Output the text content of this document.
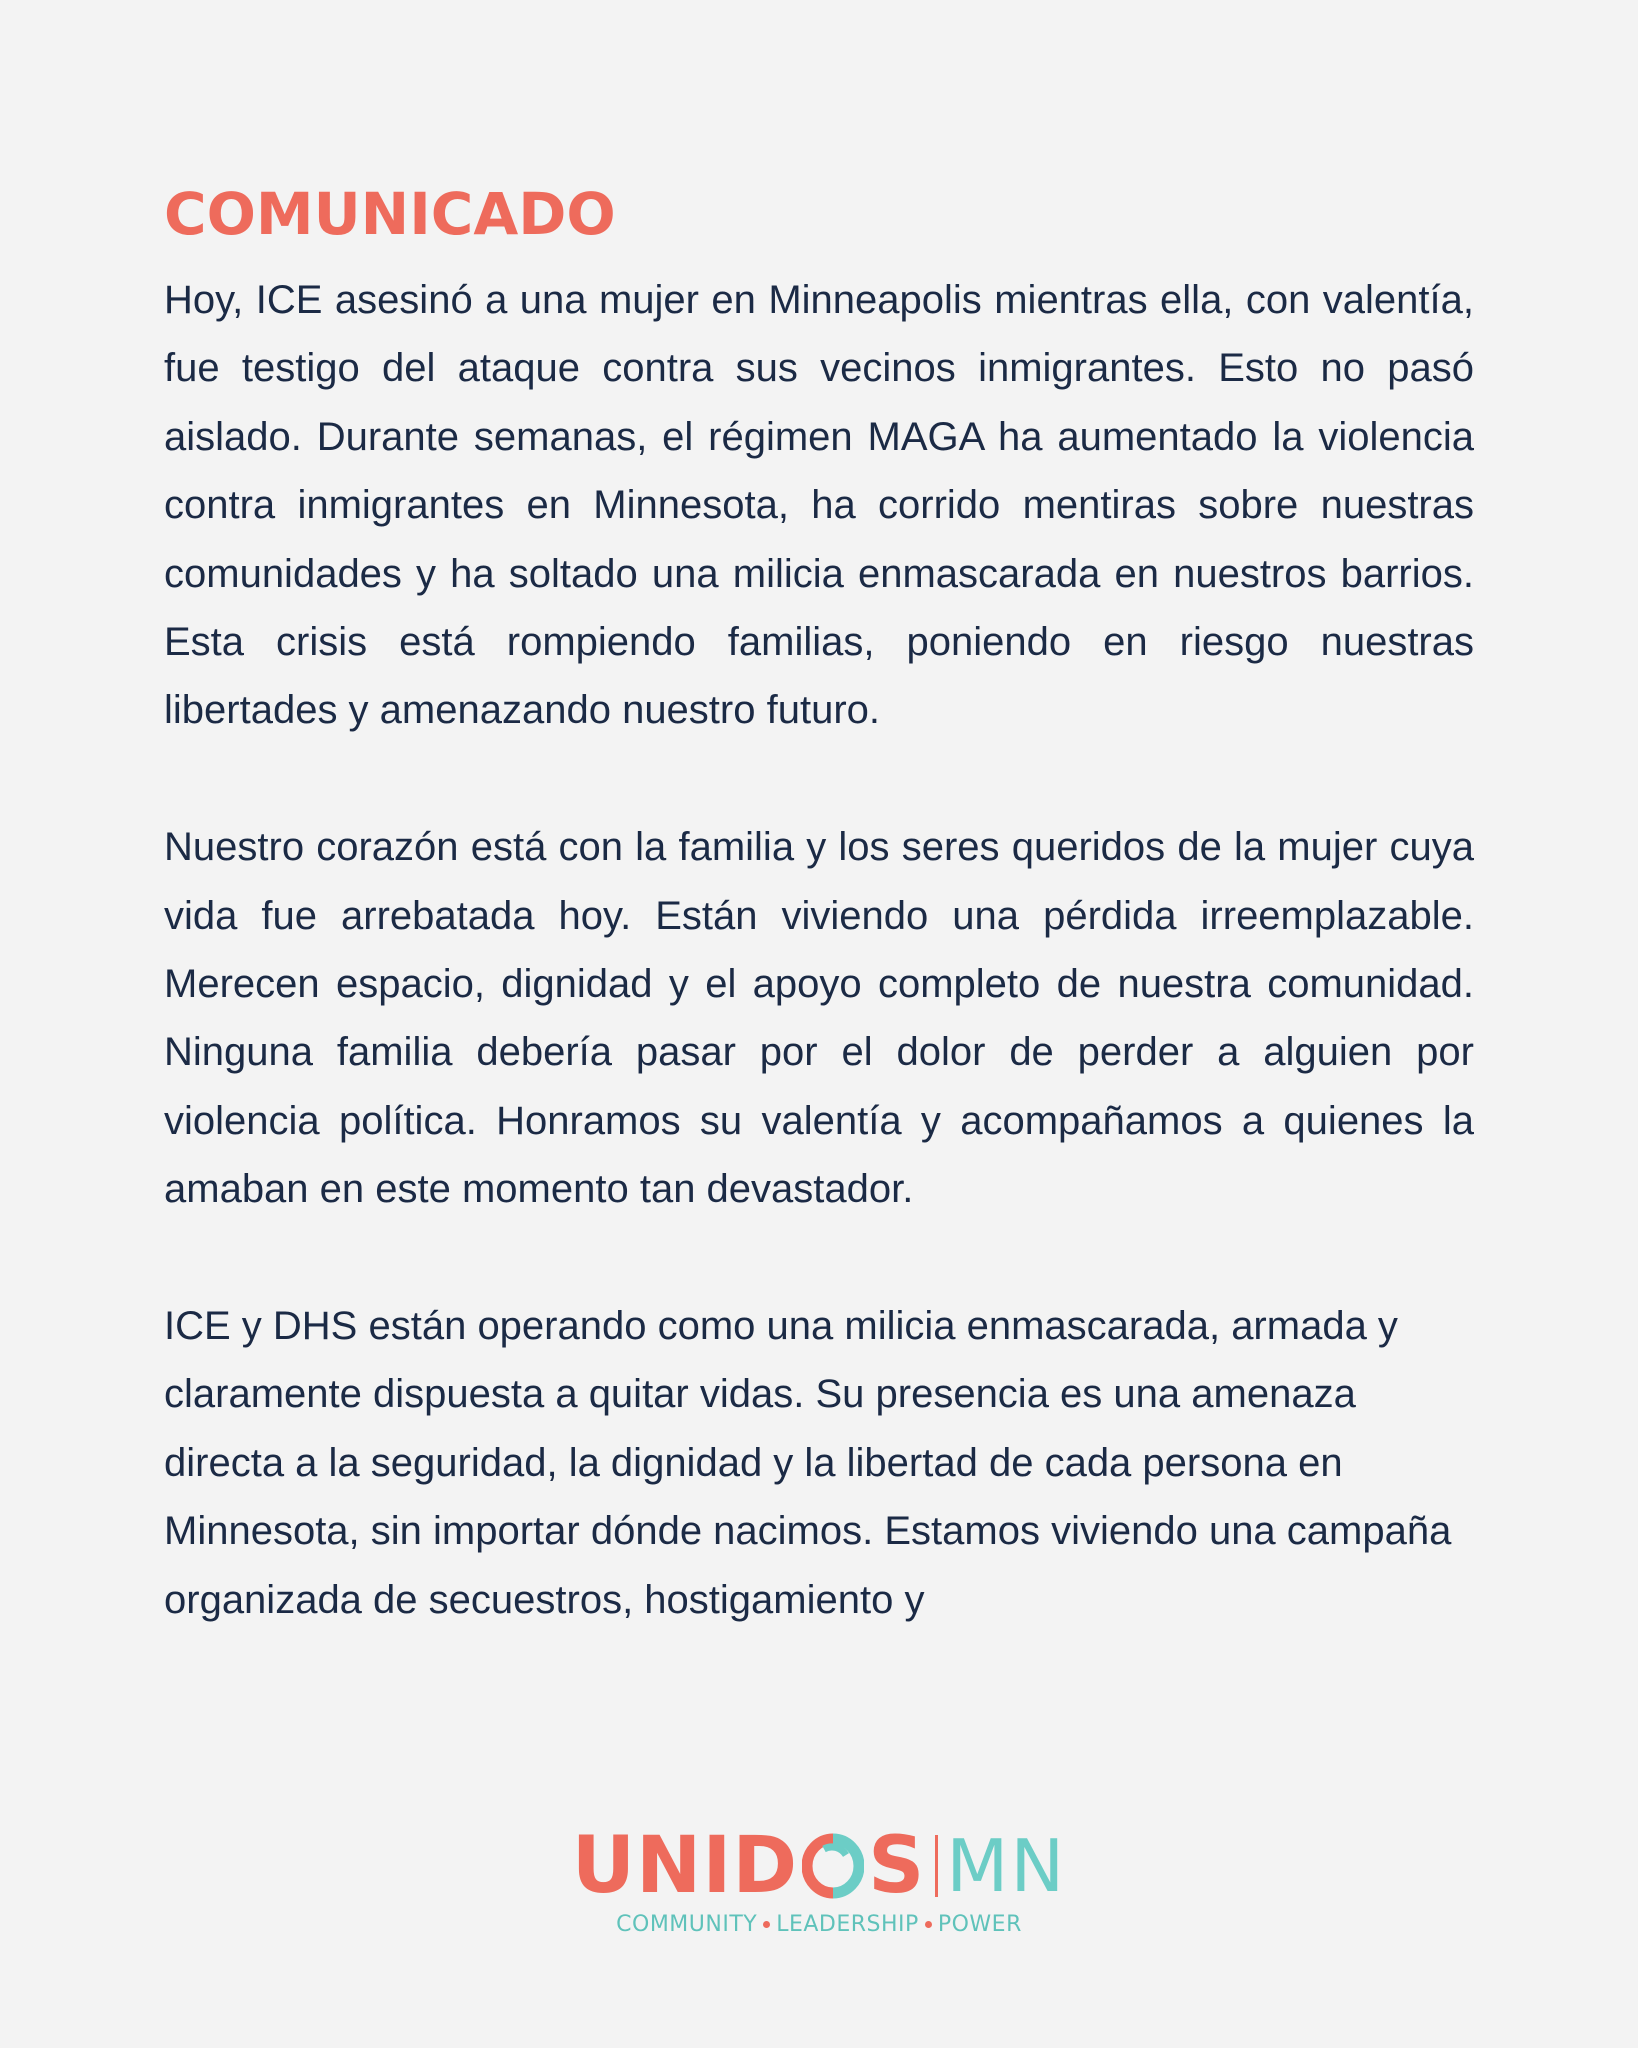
COMUNICADO

Hoy, ICE asesinó a una mujer en Minneapolis mientras ella, con valentía, fue testigo del ataque contra sus vecinos inmigrantes. Esto no pasó aislado. Durante semanas, el régimen MAGA ha aumentado la violencia contra inmigrantes en Minnesota, ha corrido mentiras sobre nuestras comunidades y ha soltado una milicia enmascarada en nuestros barrios. Esta crisis está rompiendo familias, poniendo en riesgo nuestras libertades y amenazando nuestro futuro.

Nuestro corazón está con la familia y los seres queridos de la mujer cuya vida fue arrebatada hoy. Están viviendo una pérdida irreemplazable. Merecen espacio, dignidad y el apoyo completo de nuestra comunidad. Ninguna familia debería pasar por el dolor de perder a alguien por violencia política. Honramos su valentía y acompañamos a quienes la amaban en este momento tan devastador.

ICE y DHS están operando como una milicia enmascarada, armada y claramente dispuesta a quitar vidas. Su presencia es una amenaza directa a la seguridad, la dignidad y la libertad de cada persona en Minnesota, sin importar dónde nacimos. Estamos viviendo una campaña organizada de secuestros, hostigamiento y

UNID S MN
COMMUNITY LEADERSHIP POWER
